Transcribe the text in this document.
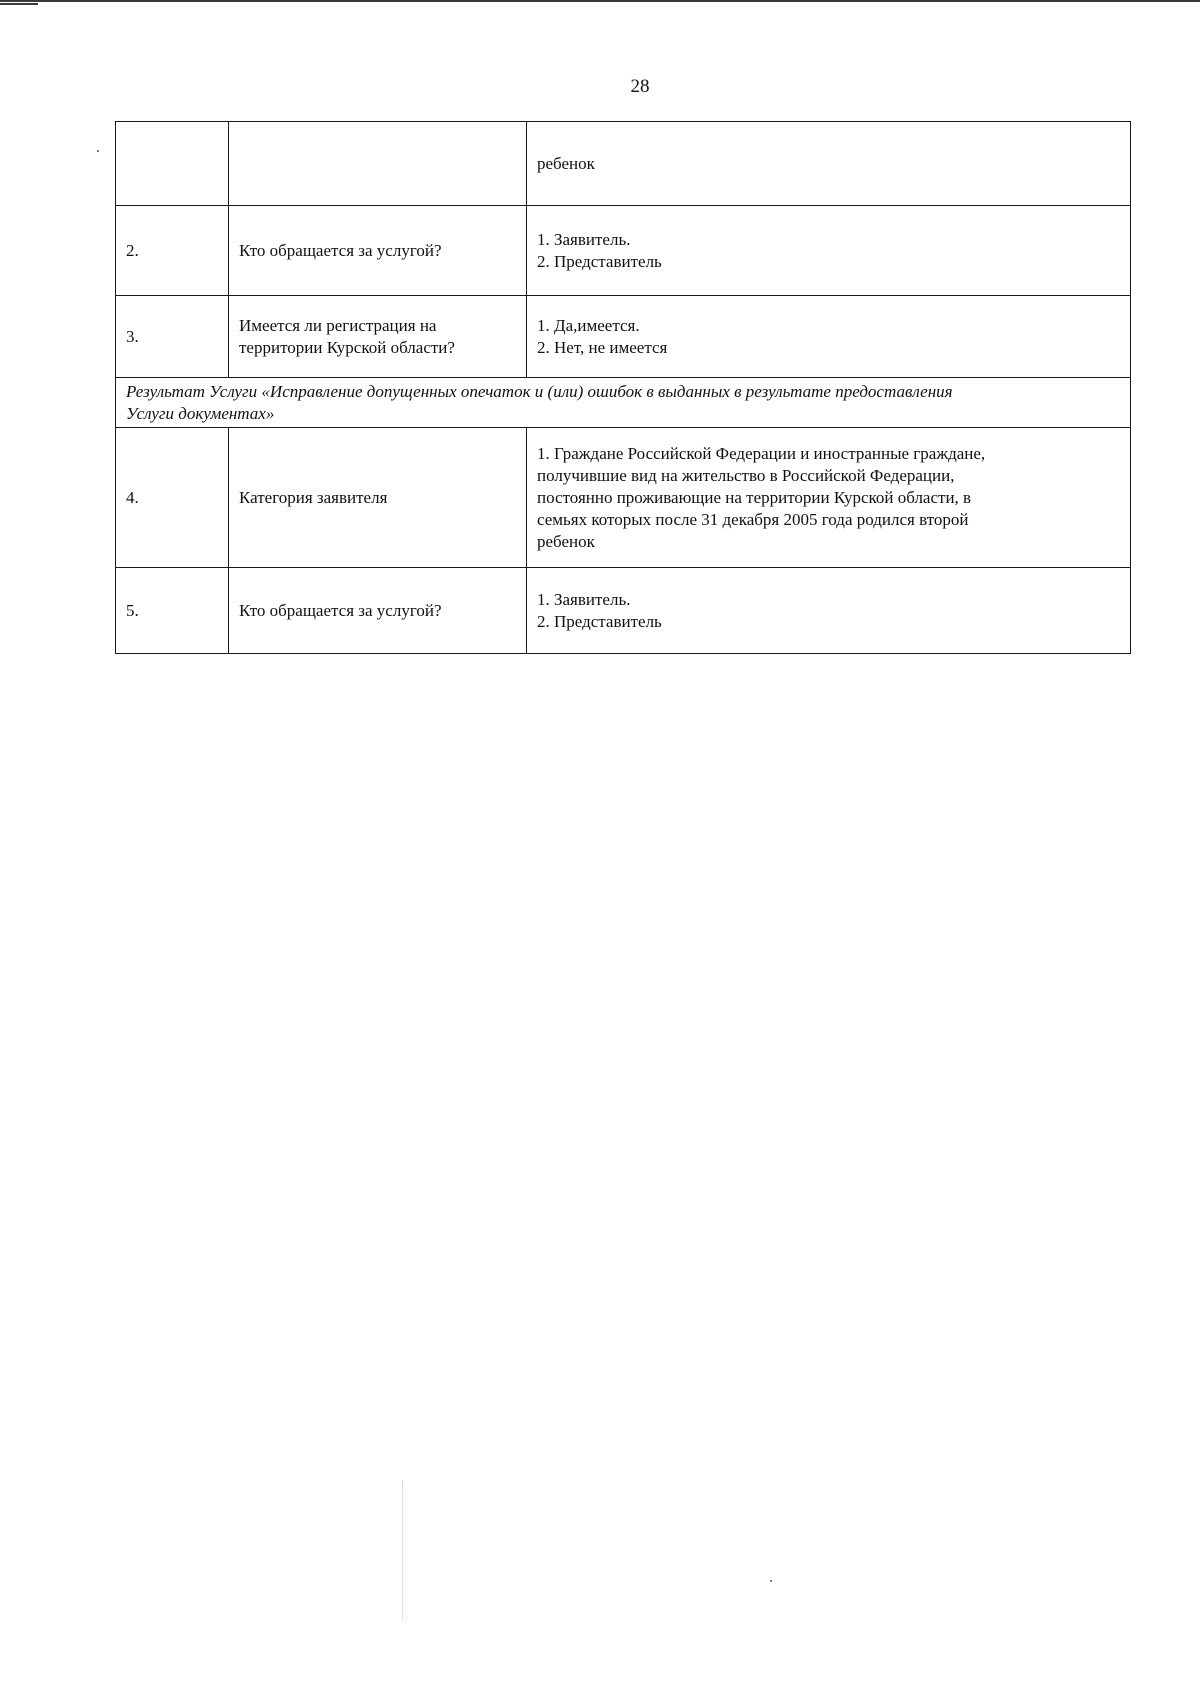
28
		ребенок
2.	Кто обращается за услугой?	1. Заявитель.
2. Представитель

3.	Имеется ли регистрация на
территории Курской области?	1. Да,имеется.
2. Нет, не имеется

Результат Услуги «Исправление допущенных опечаток и (или) ошибок в выданных в результате предоставления
Услуги документах»		

4.	Категория заявителя	1. Граждане Российской Федерации и иностранные граждане,
получившие вид на жительство в Российской Федерации,
постоянно проживающие на территории Курской области, в
семьях которых после 31 декабря 2005 года родился второй
ребенок

5.	Кто обращается за услугой?	1. Заявитель.
2. Представитель
